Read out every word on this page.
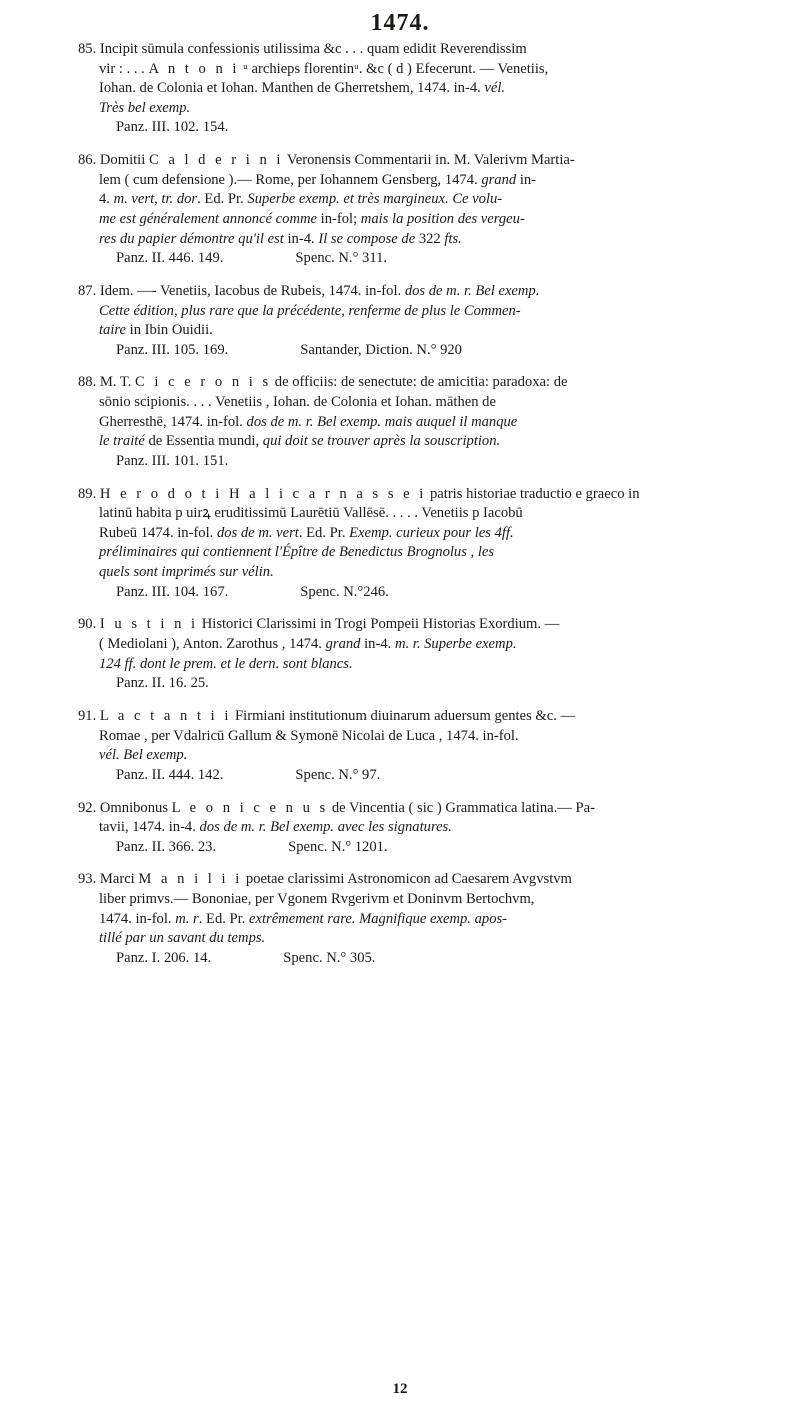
1474.

85. Incipit sūmula confessionis utilissima &c . . . quam edidit Reverendissim

vir : . . . A n t o n i ᵘ archieps florentinᵘ. &c ( d ) Efecerunt. — Venetiis,

Iohan. de Colonia et Iohan. Manthen de Gherretshem, 1474. in-4. vél.

Très bel exemp.

Panz. III. 102. 154.

86. Domitii C a l d e r i n i Veronensis Commentarii in. M. Valerivm Martia-

lem ( cum defensione ).— Rome, per Iohannem Gensberg, 1474. grand in-

4. m. vert, tr. dor. Ed. Pr. Superbe exemp. et très margineux. Ce volu-

me est généralement annoncé comme in-fol; mais la position des vergeu-

res du papier démontre qu'il est in-4. Il se compose de 322 fts.

Panz. II. 446. 149.	Spenc. N.° 311.

87. Idem. —- Venetiis, Iacobus de Rubeis, 1474. in-fol. dos de m. r. Bel exemp.

Cette édition, plus rare que la précédente, renferme de plus le Commen-

taire in Ibin Ouidii.

Panz. III. 105. 169.	Santander, Diction. N.° 920

88. M. T. C i c e r o n i s de officiis: de senectute: de amicitia: paradoxa: de

sōnio scipionis. . . . Venetiis , Iohan. de Colonia et Iohan. māthen de

Gherresthē, 1474. in-fol. dos de m. r. Bel exemp. mais auquel il manque

le traité de Essentia mundi, qui doit se trouver après la souscription.

Panz. III. 101. 151.

89. H e r o d o t i H a l i c a r n a s s e i patris historiae traductio e graeco in

latinū habita p uirꝝ eruditissimū Laurētiū Vallēsē. . . . . Venetiis p Iacobū

Rubeū 1474. in-fol. dos de m. vert. Ed. Pr. Exemp. curieux pour les 4ff.

préliminaires qui contiennent l'Épître de Benedictus Brognolus , les

quels sont imprimés sur vélin.

Panz. III. 104. 167.	Spenc. N.°246.

90. I u s t i n i Historici Clarissimi in Trogi Pompeii Historias Exordium. —

( Mediolani ), Anton. Zarothus , 1474. grand in-4. m. r. Superbe exemp.

124 ff. dont le prem. et le dern. sont blancs.

Panz. II. 16. 25.

91. L a c t a n t i i Firmiani institutionum diuinarum aduersum gentes &c. —

Romae , per Vdalricū Gallum & Symonē Nicolai de Luca , 1474. in-fol.

vél. Bel exemp.

Panz. II. 444. 142.	Spenc. N.° 97.

92. Omnibonus L e o n i c e n u s de Vincentia ( sic ) Grammatica latina.— Pa-

tavii, 1474. in-4. dos de m. r. Bel exemp. avec les signatures.

Panz. II. 366. 23.	Spenc. N.° 1201.

93. Marci M a n i l i i poetae clarissimi Astronomicon ad Caesarem Avgvstvm

liber primvs.— Bononiae, per Vgonem Rvgerivm et Doninvm Bertochvm,

1474. in-fol. m. r. Ed. Pr. extrêmement rare. Magnifique exemp. apos-

tillé par un savant du temps.

Panz. I. 206. 14.	Spenc. N.° 305.

12
